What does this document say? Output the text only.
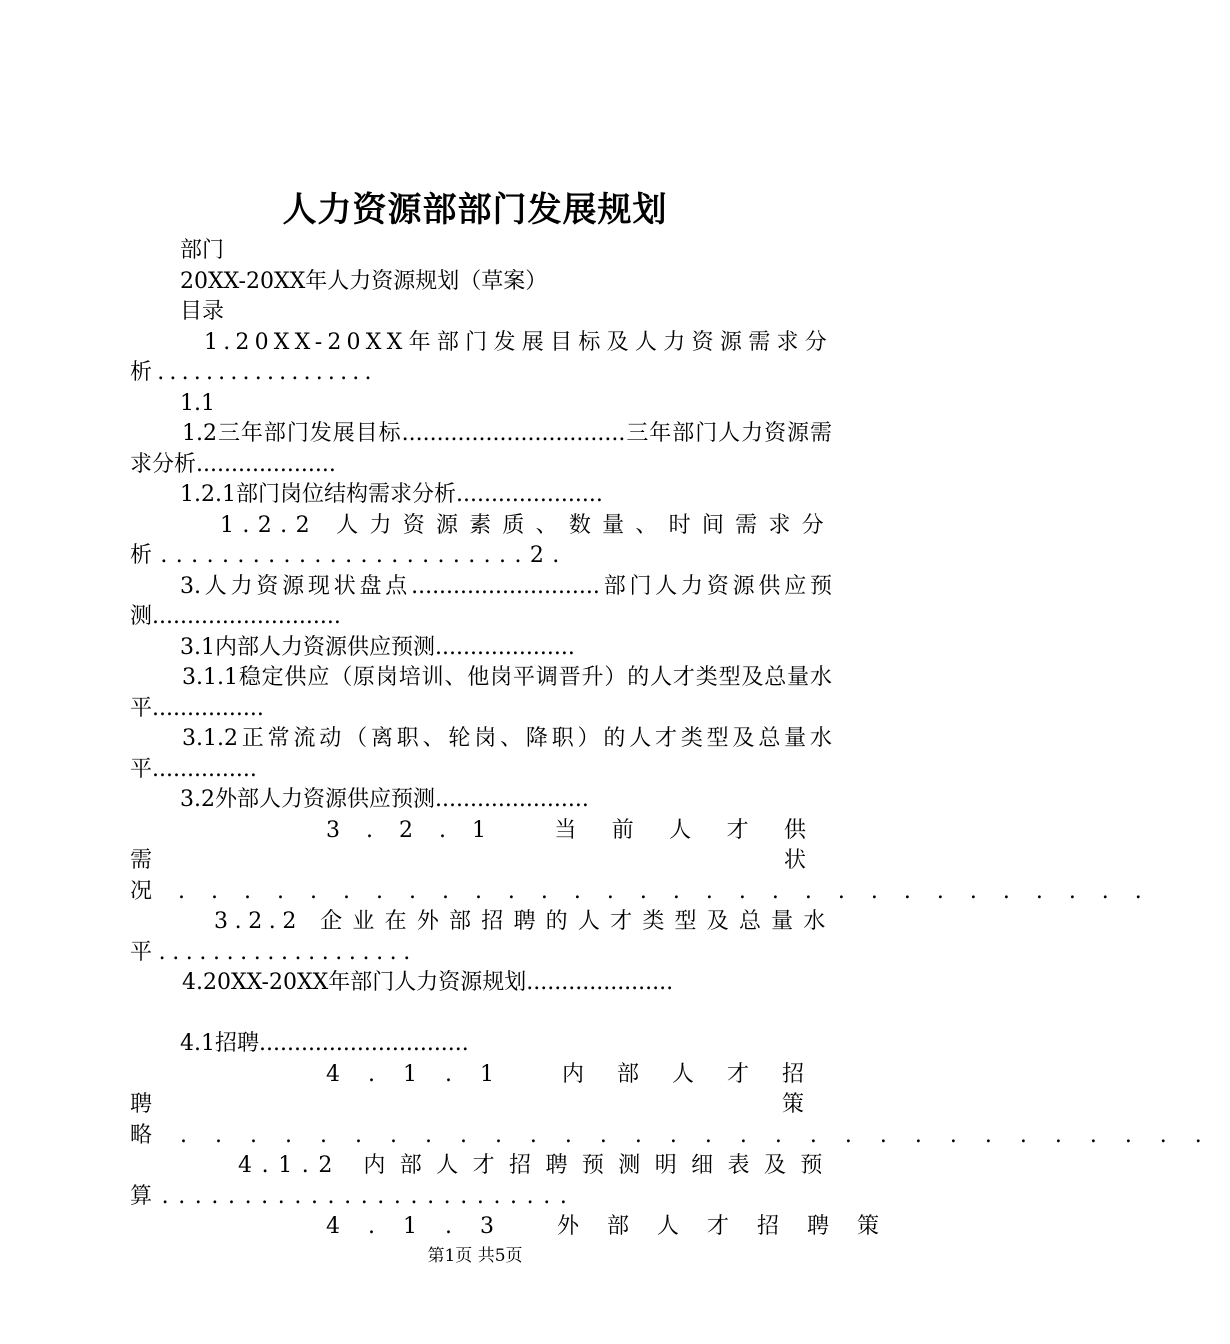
人力资源部部门发展规划

部门

20XX-20XX年人力资源规划（草案）

目录

1.20XX-20XX年部门发展目标及人力资源需求分析..................

1.1

1.2三年部门发展目标................................三年部门人力资源需求分析....................

1.2.1部门岗位结构需求分析.....................

1.2.2 人力资源素质、数量、时间需求分析........................2.

3.人力资源现状盘点...........................部门人力资源供应预测...........................

3.1内部人力资源供应预测....................

3.1.1稳定供应（原岗培训、他岗平调晋升）的人才类型及总量水平................

3.1.2正常流动（离职、轮岗、降职）的人才类型及总量水平...............

3.2外部人力资源供应预测......................

3.2.1 当前人才供需状况..............................

3.2.2 企业在外部招聘的人才类型及总量水平...................

4.20XX-20XX年部门人力资源规划.....................

4.1招聘..............................

4.1.1 内部人才招聘策略..............................

4.1.2 内部人才招聘预测明细表及预算.........................

4.1.3 外部人才招聘策

第1页 共5页
